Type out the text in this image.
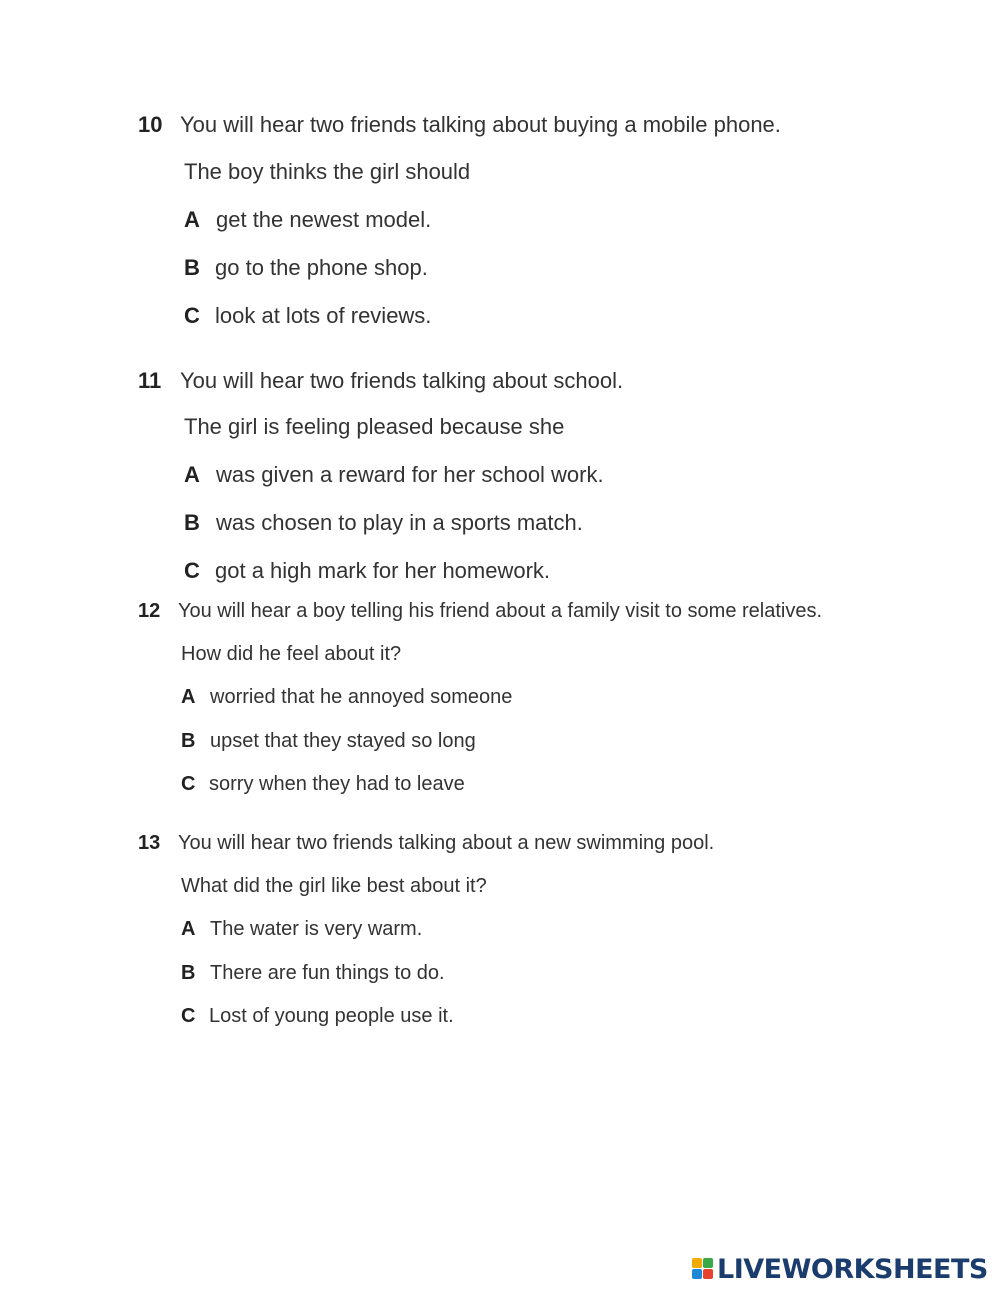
10 You will hear two friends talking about buying a mobile phone.
The boy thinks the girl should
A get the newest model.
B go to the phone shop.
C look at lots of reviews.
11 You will hear two friends talking about school.
The girl is feeling pleased because she
A was given a reward for her school work.
B was chosen to play in a sports match.
C got a high mark for her homework.
12 You will hear a boy telling his friend about a family visit to some relatives.
How did he feel about it?
A worried that he annoyed someone
B upset that they stayed so long
C sorry when they had to leave
13 You will hear two friends talking about a new swimming pool.
What did the girl like best about it?
A The water is very warm.
B There are fun things to do.
C Lost of young people use it.
LIVEWORKSHEETS
